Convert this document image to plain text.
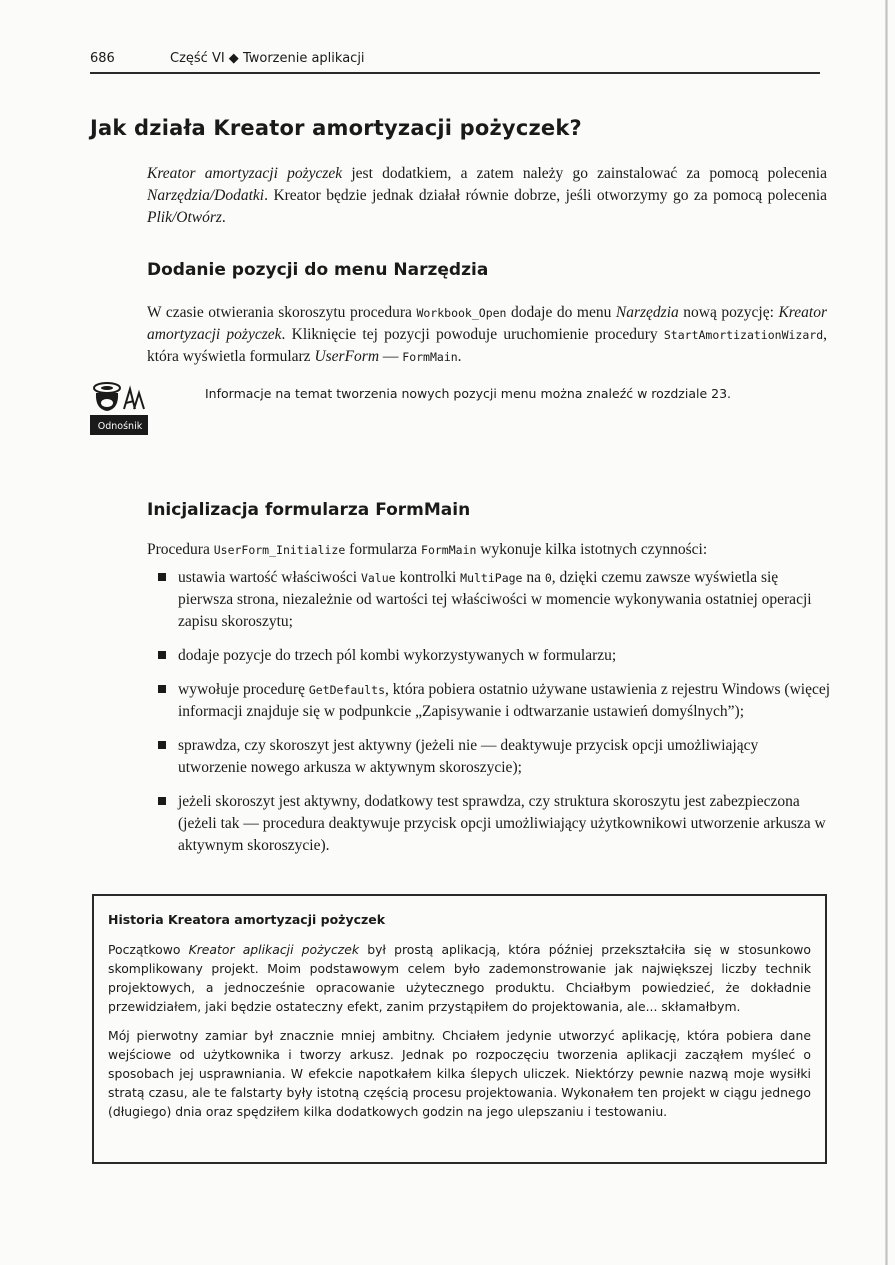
686	Część VI ◆ Tworzenie aplikacji
Jak działa Kreator amortyzacji pożyczek?

Kreator amortyzacji pożyczek jest dodatkiem, a zatem należy go zainstalować za pomocą polecenia Narzędzia/Dodatki. Kreator będzie jednak działał równie dobrze, jeśli otworzymy go za pomocą polecenia Plik/Otwórz.

Dodanie pozycji do menu Narzędzia

W czasie otwierania skoroszytu procedura Workbook_Open dodaje do menu Narzędzia nową pozycję: Kreator amortyzacji pożyczek. Kliknięcie tej pozycji powoduje uruchomienie procedury StartAmortizationWizard, która wyświetla formularz UserForm — FormMain.

Odnośnik
Informacje na temat tworzenia nowych pozycji menu można znaleźć w rozdziale 23.
Inicjalizacja formularza FormMain

Procedura UserForm_Initialize formularza FormMain wykonuje kilka istotnych czynności:

ustawia wartość właściwości Value kontrolki MultiPage na 0, dzięki czemu zawsze wyświetla się pierwsza strona, niezależnie od wartości tej właściwości w momencie wykonywania ostatniej operacji zapisu skoroszytu;
dodaje pozycje do trzech pól kombi wykorzystywanych w formularzu;
wywołuje procedurę GetDefaults, która pobiera ostatnio używane ustawienia z rejestru Windows (więcej informacji znajduje się w podpunkcie „Zapisywanie i odtwarzanie ustawień domyślnych”);
sprawdza, czy skoroszyt jest aktywny (jeżeli nie — deaktywuje przycisk opcji umożliwiający utworzenie nowego arkusza w aktywnym skoroszycie);
jeżeli skoroszyt jest aktywny, dodatkowy test sprawdza, czy struktura skoroszytu jest zabezpieczona (jeżeli tak — procedura deaktywuje przycisk opcji umożliwiający użytkownikowi utworzenie arkusza w aktywnym skoroszycie).
Historia Kreatora amortyzacji pożyczek

Początkowo Kreator aplikacji pożyczek był prostą aplikacją, która później przekształciła się w stosunkowo skomplikowany projekt. Moim podstawowym celem było zademonstrowanie jak największej liczby technik projektowych, a jednocześnie opracowanie użytecznego produktu. Chciałbym powiedzieć, że dokładnie przewidziałem, jaki będzie ostateczny efekt, zanim przystąpiłem do projektowania, ale... skłamałbym.

Mój pierwotny zamiar był znacznie mniej ambitny. Chciałem jedynie utworzyć aplikację, która pobiera dane wejściowe od użytkownika i tworzy arkusz. Jednak po rozpoczęciu tworzenia aplikacji zacząłem myśleć o sposobach jej usprawniania. W efekcie napotkałem kilka ślepych uliczek. Niektórzy pewnie nazwą moje wysiłki stratą czasu, ale te falstarty były istotną częścią procesu projektowania. Wykonałem ten projekt w ciągu jednego (długiego) dnia oraz spędziłem kilka dodatkowych godzin na jego ulepszaniu i testowaniu.
